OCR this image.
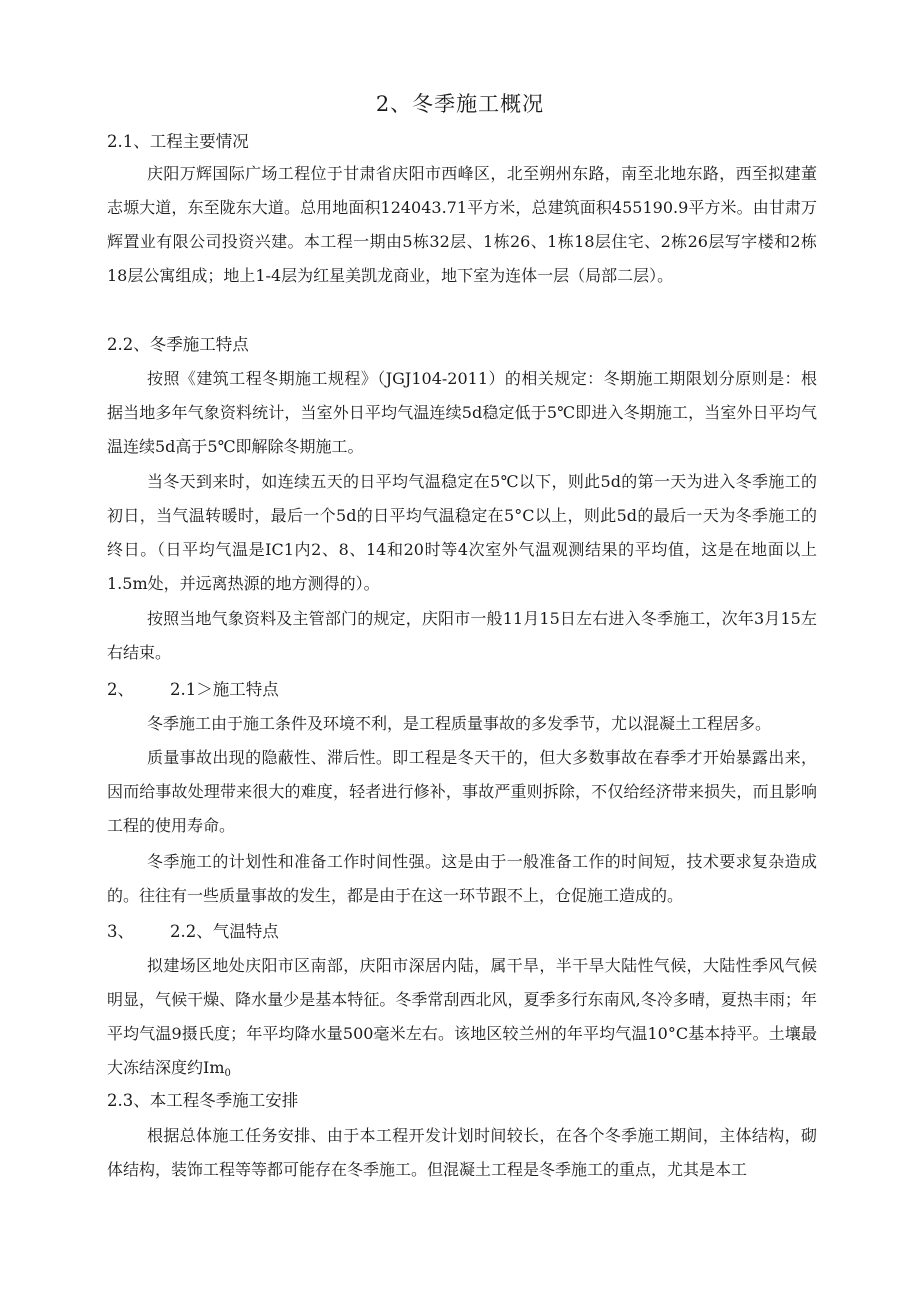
2、冬季施工概况
2.1、工程主要情况

庆阳万辉国际广场工程位于甘肃省庆阳市西峰区，北至朔州东路，南至北地东路，西至拟建董志塬大道，东至陇东大道。总用地面积124043.71平方米，总建筑面积455190.9平方米。由甘肃万辉置业有限公司投资兴建。本工程一期由5栋32层、1栋26、1栋18层住宅、2栋26层写字楼和2栋18层公寓组成；地上1-4层为红星美凯龙商业，地下室为连体一层（局部二层）。

2.2、冬季施工特点

按照《建筑工程冬期施工规程》（JGJ104-2011）的相关规定：冬期施工期限划分原则是：根据当地多年气象资料统计，当室外日平均气温连续5d稳定低于5℃即进入冬期施工，当室外日平均气温连续5d高于5℃即解除冬期施工。

当冬天到来时，如连续五天的日平均气温稳定在5℃以下，则此5d的第一天为进入冬季施工的初日，当气温转暖时，最后一个5d的日平均气温稳定在5°C以上，则此5d的最后一天为冬季施工的终日。（日平均气温是IC1内2、8、14和20时等4次室外气温观测结果的平均值，这是在地面以上1.5m处，并远离热源的地方测得的）。

按照当地气象资料及主管部门的规定，庆阳市一般11月15日左右进入冬季施工，次年3月15左右结束。

2、 2.1＞施工特点

冬季施工由于施工条件及环境不利，是工程质量事故的多发季节，尤以混凝土工程居多。

质量事故出现的隐蔽性、滞后性。即工程是冬天干的，但大多数事故在春季才开始暴露出来，因而给事故处理带来很大的难度，轻者进行修补，事故严重则拆除，不仅给经济带来损失，而且影响工程的使用寿命。

冬季施工的计划性和准备工作时间性强。这是由于一般准备工作的时间短，技术要求复杂造成的。往往有一些质量事故的发生，都是由于在这一环节跟不上，仓促施工造成的。

3、 2.2、气温特点

拟建场区地处庆阳市区南部，庆阳市深居内陆，属干旱，半干旱大陆性气候，大陆性季风气候明显，气候干燥、降水量少是基本特征。冬季常刮西北风，夏季多行东南风,冬冷多晴，夏热丰雨；年平均气温9摄氏度；年平均降水量500毫米左右。该地区较兰州的年平均气温10°C基本持平。土壤最大冻结深度约$Im_0$

2.3、本工程冬季施工安排

根据总体施工任务安排、由于本工程开发计划时间较长，在各个冬季施工期间，主体结构，砌体结构，装饰工程等等都可能存在冬季施工。但混凝土工程是冬季施工的重点，尤其是本工
